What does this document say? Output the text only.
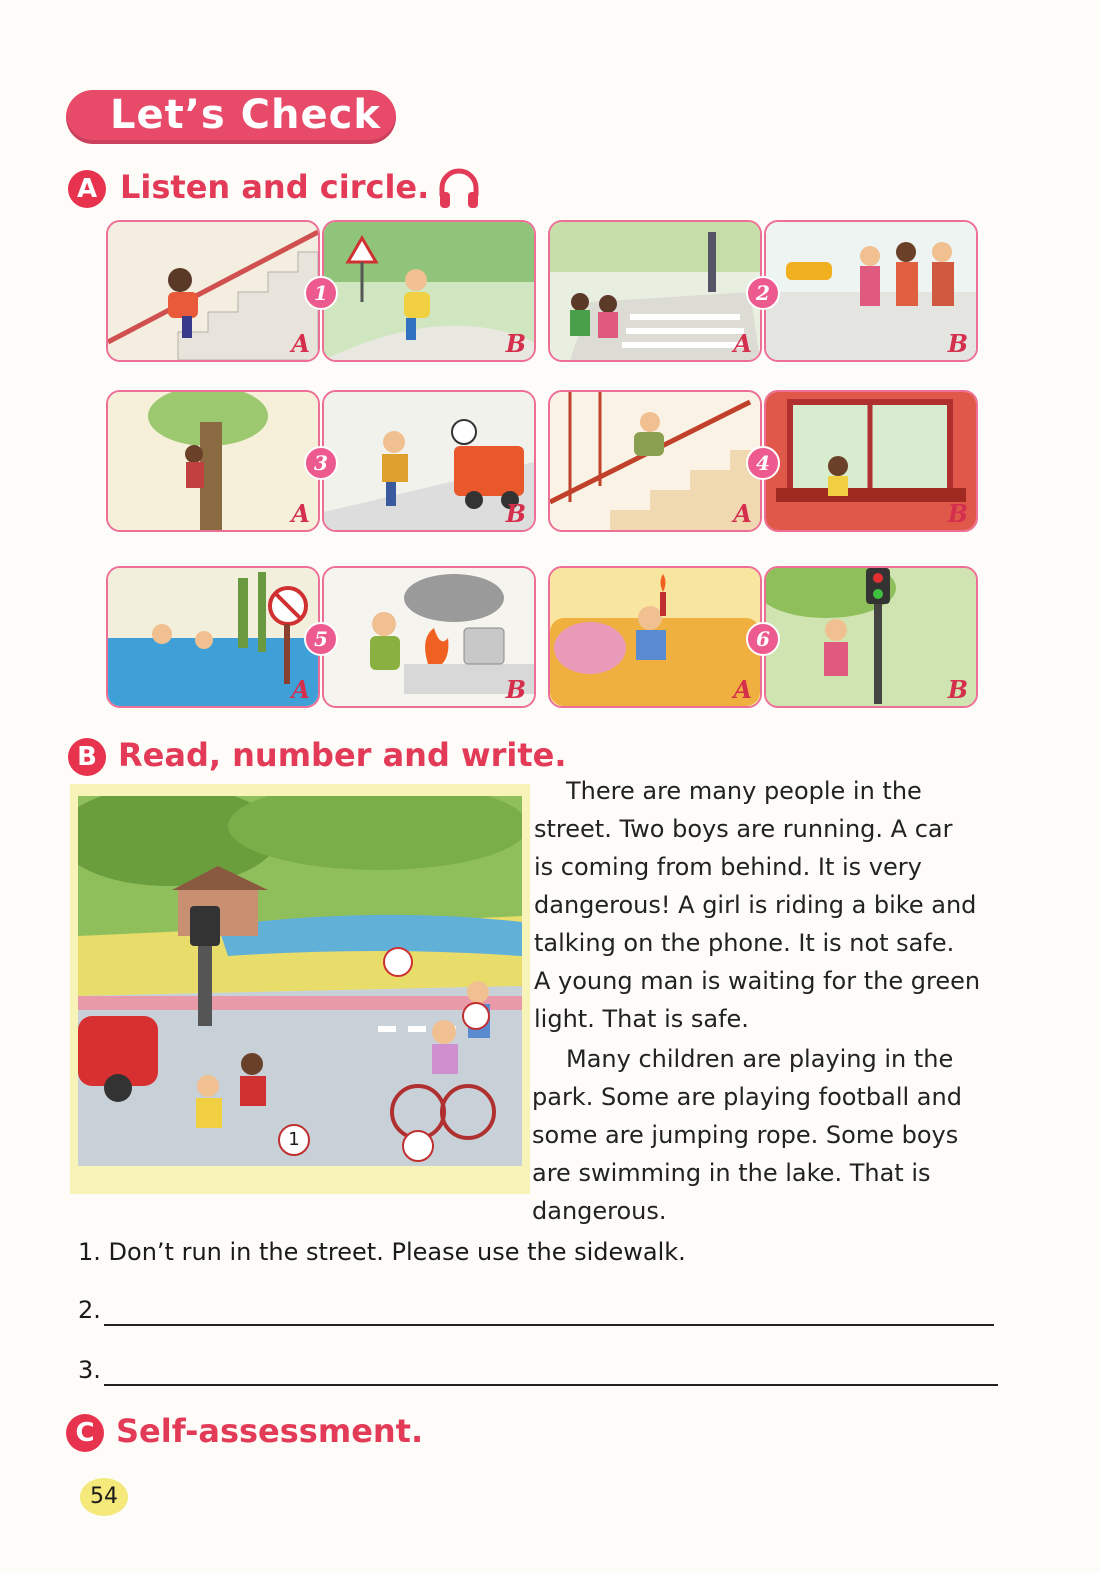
Let’s Check
A Listen and circle.
A
1
B	A
2
B
A
3
B	A
4
B
A
5
B	A
6
B
B Read, number and write.
1
There are many people in the
street. Two boys are running. A car
is coming from behind. It is very
dangerous! A girl is riding a bike and
talking on the phone. It is not safe.
A young man is waiting for the green
light. That is safe.
Many children are playing in the
park. Some are playing football and
some are jumping rope. Some boys
are swimming in the lake. That is
dangerous.
1. Don’t run in the street. Please use the sidewalk.
2.
3.
C Self-assessment.
54
